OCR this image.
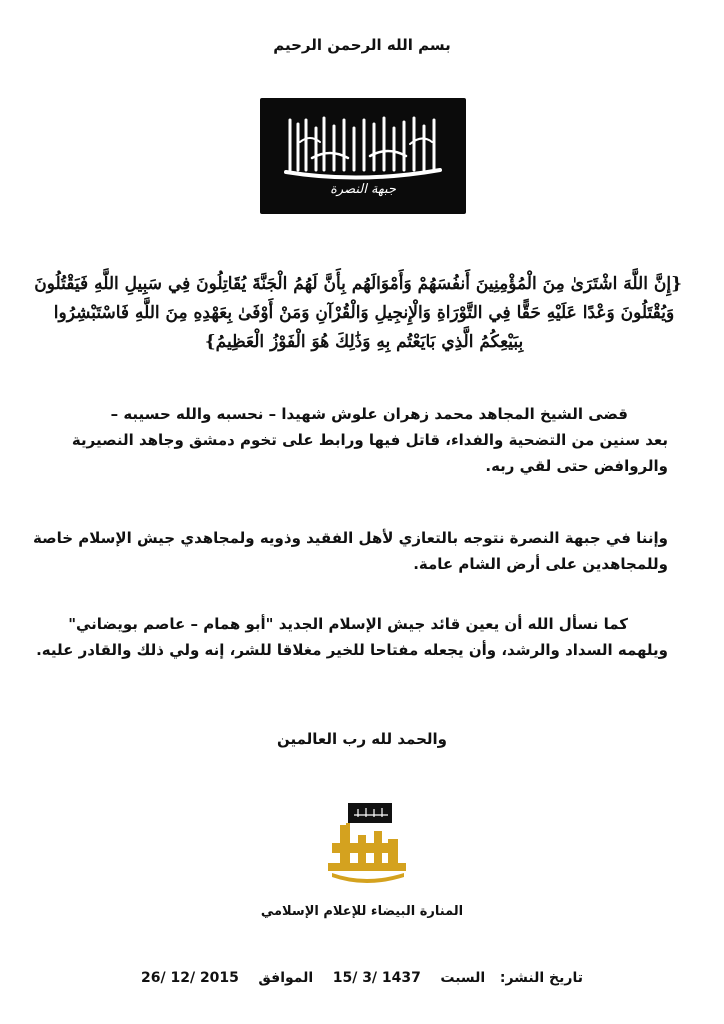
بسم الله الرحمن الرحيم
جبهة النصرة
{إِنَّ اللَّهَ اشْتَرَىٰ مِنَ الْمُؤْمِنِينَ أَنفُسَهُمْ وَأَمْوَالَهُم بِأَنَّ لَهُمُ الْجَنَّةَ يُقَاتِلُونَ فِي سَبِيلِ اللَّهِ فَيَقْتُلُونَ
وَيُقْتَلُونَ وَعْدًا عَلَيْهِ حَقًّا فِي التَّوْرَاةِ وَالْإِنجِيلِ وَالْقُرْآنِ وَمَنْ أَوْفَىٰ بِعَهْدِهِ مِنَ اللَّهِ فَاسْتَبْشِرُوا
بِبَيْعِكُمُ الَّذِي بَايَعْتُم بِهِ وَذَٰلِكَ هُوَ الْفَوْزُ الْعَظِيمُ}
قضى الشيخ المجاهد محمد زهران علوش شهيدا – نحسبه والله حسيبه –
بعد سنين من التضحية والفداء، قاتل فيها ورابط على تخوم دمشق وجاهد النصيرية
والروافض حتى لقي ربه.
وإننا في جبهة النصرة نتوجه بالتعازي لأهل الفقيد وذويه ولمجاهدي جيش الإسلام خاصة
وللمجاهدين على أرض الشام عامة.
كما نسأل الله أن يعين قائد جيش الإسلام الجديد "أبو همام – عاصم بويضاني"
ويلهمه السداد والرشد، وأن يجعله مفتاحا للخير مغلاقا للشر، إنه ولي ذلك والقادر عليه.
والحمد لله رب العالمين
المنارة البيضاء للإعلام الإسلامي
تاريخ النشر:   السبت    15/ 3/ 1437    الموافق    26/ 12/ 2015
